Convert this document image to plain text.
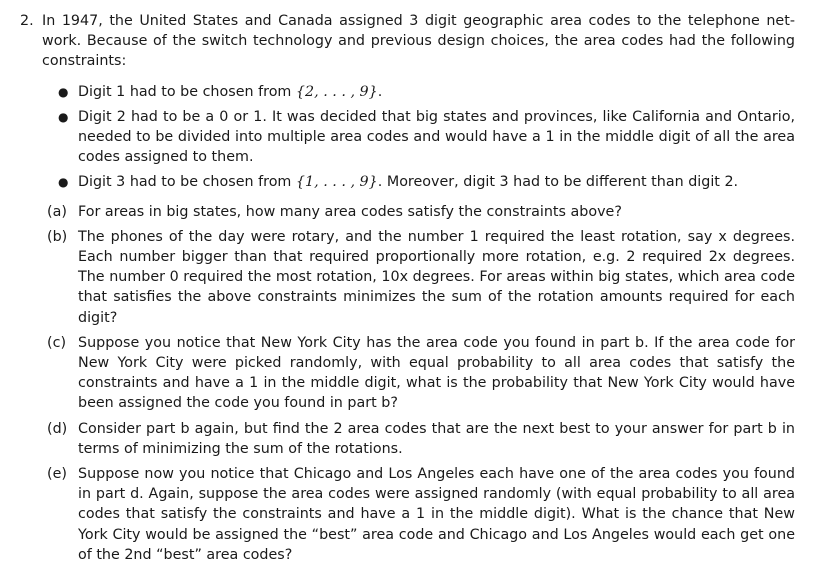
2. In 1947, the United States and Canada assigned 3 digit geographic area codes to the telephone net- work. Because of the switch technology and previous design choices, the area codes had the following constraints:

● Digit 1 had to be chosen from {2, . . . , 9}.
● Digit 2 had to be a 0 or 1. It was decided that big states and provinces, like California and Ontario, needed to be divided into multiple area codes and would have a 1 in the middle digit of all the area codes assigned to them.
● Digit 3 had to be chosen from {1, . . . , 9}. Moreover, digit 3 had to be different than digit 2.
(a) For areas in big states, how many area codes satisfy the constraints above?
(b) The phones of the day were rotary, and the number 1 required the least rotation, say x degrees. Each number bigger than that required proportionally more rotation, e.g. 2 required 2x degrees. The number 0 required the most rotation, 10x degrees. For areas within big states, which area code that satisfies the above constraints minimizes the sum of the rotation amounts required for each digit?
(c) Suppose you notice that New York City has the area code you found in part b. If the area code for New York City were picked randomly, with equal probability to all area codes that satisfy the constraints and have a 1 in the middle digit, what is the probability that New York City would have been assigned the code you found in part b?
(d) Consider part b again, but find the 2 area codes that are the next best to your answer for part b in terms of minimizing the sum of the rotations.
(e) Suppose now you notice that Chicago and Los Angeles each have one of the area codes you found in part d. Again, suppose the area codes were assigned randomly (with equal probability to all area codes that satisfy the constraints and have a 1 in the middle digit). What is the chance that New York City would be assigned the “best” area code and Chicago and Los Angeles would each get one of the 2nd “best” area codes?
